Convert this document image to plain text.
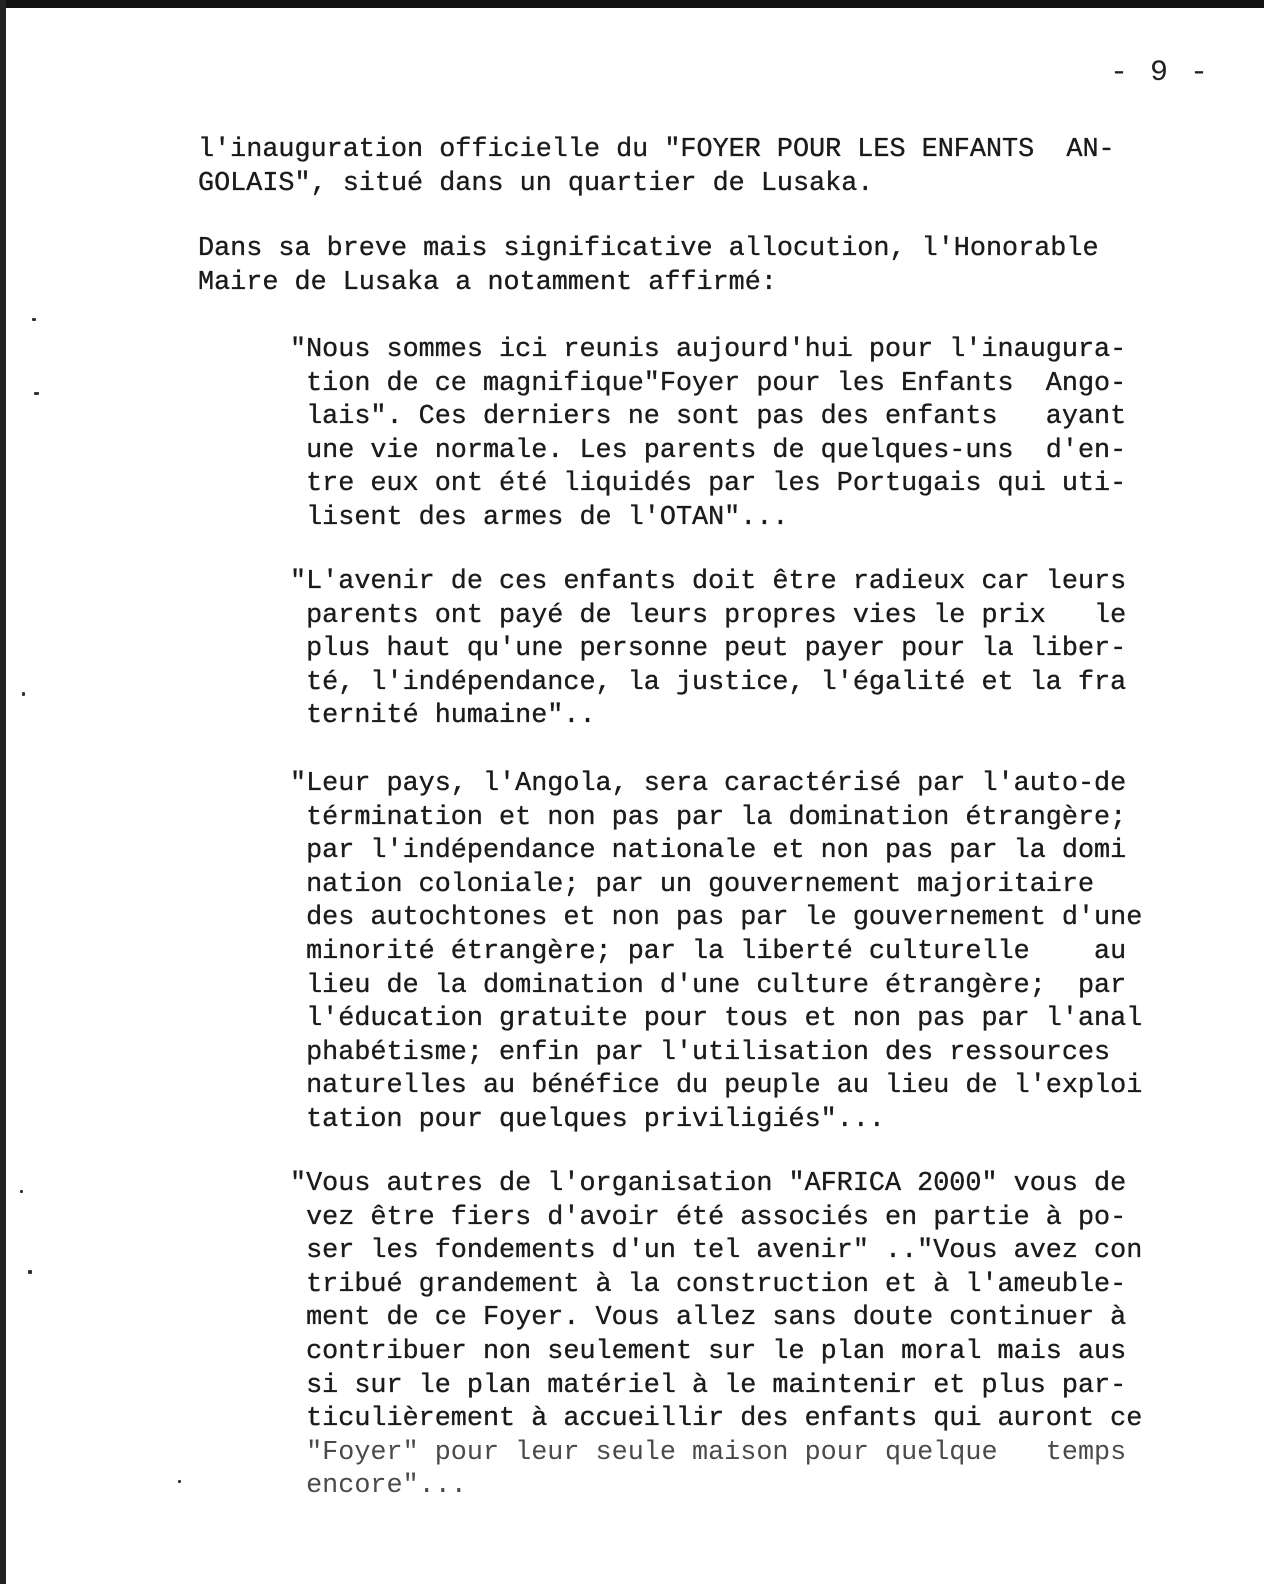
- 9 -

l'inauguration officielle du "FOYER POUR LES ENFANTS  AN-
GOLAIS", situé dans un quartier de Lusaka.

Dans sa breve mais significative allocution, l'Honorable
Maire de Lusaka a notamment affirmé:

"Nous sommes ici reunis aujourd'hui pour l'inaugura-
tion de ce magnifique"Foyer pour les Enfants  Ango-
lais". Ces derniers ne sont pas des enfants   ayant
une vie normale. Les parents de quelques-uns  d'en-
tre eux ont été liquidés par les Portugais qui uti-
lisent des armes de l'OTAN"...

"L'avenir de ces enfants doit être radieux car leurs
parents ont payé de leurs propres vies le prix   le
plus haut qu'une personne peut payer pour la liber-
té, l'indépendance, la justice, l'égalité et la fra
ternité humaine"..

"Leur pays, l'Angola, sera caractérisé par l'auto-de
términation et non pas par la domination étrangère;
par l'indépendance nationale et non pas par la domi
nation coloniale; par un gouvernement majoritaire
des autochtones et non pas par le gouvernement d'une
minorité étrangère; par la liberté culturelle    au
lieu de la domination d'une culture étrangère;  par
l'éducation gratuite pour tous et non pas par l'anal
phabétisme; enfin par l'utilisation des ressources
naturelles au bénéfice du peuple au lieu de l'exploi
tation pour quelques priviligiés"...

"Vous autres de l'organisation "AFRICA 2000" vous de
vez être fiers d'avoir été associés en partie à po-
ser les fondements d'un tel avenir" .."Vous avez con
tribué grandement à la construction et à l'ameuble-
ment de ce Foyer. Vous allez sans doute continuer à
contribuer non seulement sur le plan moral mais aus
si sur le plan matériel à le maintenir et plus par-
ticulièrement à accueillir des enfants qui auront ce
"Foyer" pour leur seule maison pour quelque   temps
encore"...
